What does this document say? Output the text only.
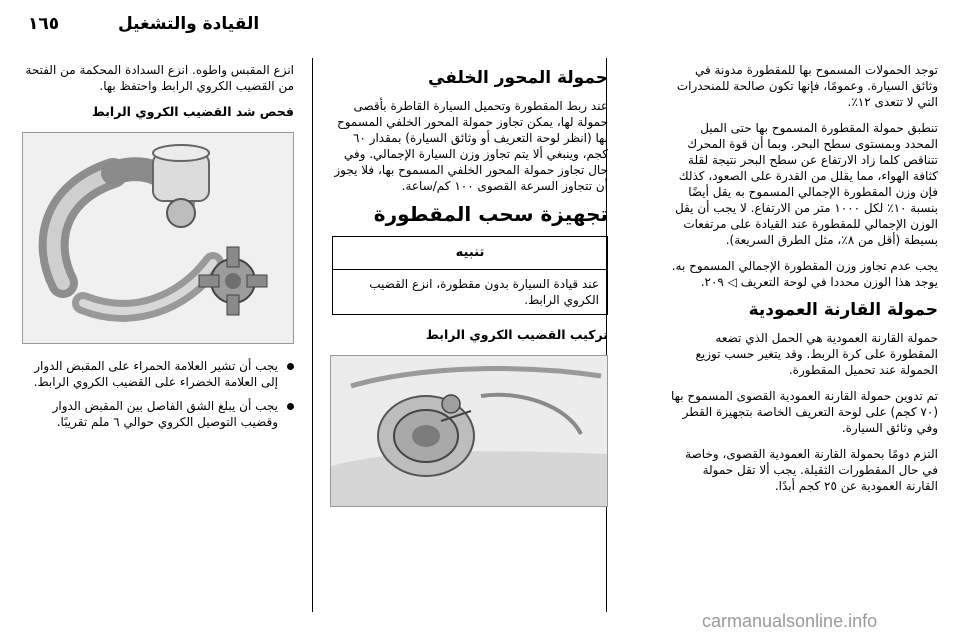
١٦٥	القيادة والتشغيل

توجد الحمولات المسموح بها للمقطورة مدونة في وثائق السيارة. وعمومًا، فإنها تكون صالحة للمنحدرات التي لا تتعدى ١٢٪.

تنطبق حمولة المقطورة المسموح بها حتى الميل المحدد وبمستوى سطح البحر. وبما أن قوة المحرك تتناقص كلما زاد الارتفاع عن سطح البحر نتيجة لقلة كثافة الهواء، مما يقلل من القدرة على الصعود، كذلك فإن وزن المقطورة الإجمالي المسموح به يقل أيضًا بنسبة ١٠٪ لكل ١٠٠٠ متر من الارتفاع. لا يجب أن يقل الوزن الإجمالي للمقطورة عند القيادة على مرتفعات بسيطة (أقل من ٨٪، مثل الطرق السريعة).

يجب عدم تجاوز وزن المقطورة الإجمالي المسموح به. يوجد هذا الوزن محددا في لوحة التعريف ◁ ٢٠٩.

حمولة القارنة العمودية

حمولة القارنة العمودية هي الحمل الذي تضعه المقطورة على كرة الربط. وقد يتغير حسب توزيع الحمولة عند تحميل المقطورة.

تم تدوين حمولة القارنة العمودية القصوى المسموح بها (٧٠ كجم) على لوحة التعريف الخاصة بتجهيزة القطر وفي وثائق السيارة.

التزم دومًا بحمولة القارنة العمودية القصوى، وخاصة في حال المقطورات الثقيلة. يجب ألا تقل حمولة القارنة العمودية عن ٢٥ كجم أبدًا.

حمولة المحور الخلفي

عند ربط المقطورة وتحميل السيارة القاطرة بأقصى حمولة لها، يمكن تجاوز حمولة المحور الخلفي المسموح بها (انظر لوحة التعريف أو وثائق السيارة) بمقدار ٦٠ كجم، وينبغي ألا يتم تجاوز وزن السيارة الإجمالي. وفي حال تجاوز حمولة المحور الخلفي المسموح بها، فلا يجوز أن تتجاوز السرعة القصوى ١٠٠ كم/ساعة.

تجهيزة سحب المقطورة
تنبيه
عند قيادة السيارة بدون مقطورة، انزع القضيب الكروي الرابط.
تركيب القضيب الكروي الرابط

انزع المقبس واطوه. انزع السدادة المحكمة من الفتحة من القضيب الكروي الرابط واحتفظ بها.

فحص شد القضيب الكروي الرابط
يجب أن تشير العلامة الحمراء على المقبض الدوار إلى العلامة الخضراء على القضيب الكروي الرابط.
يجب أن يبلغ الشق الفاصل بين المقبض الدوار وقضيب التوصيل الكروي حوالي ٦ ملم تقريبًا.
carmanualsonline.info
